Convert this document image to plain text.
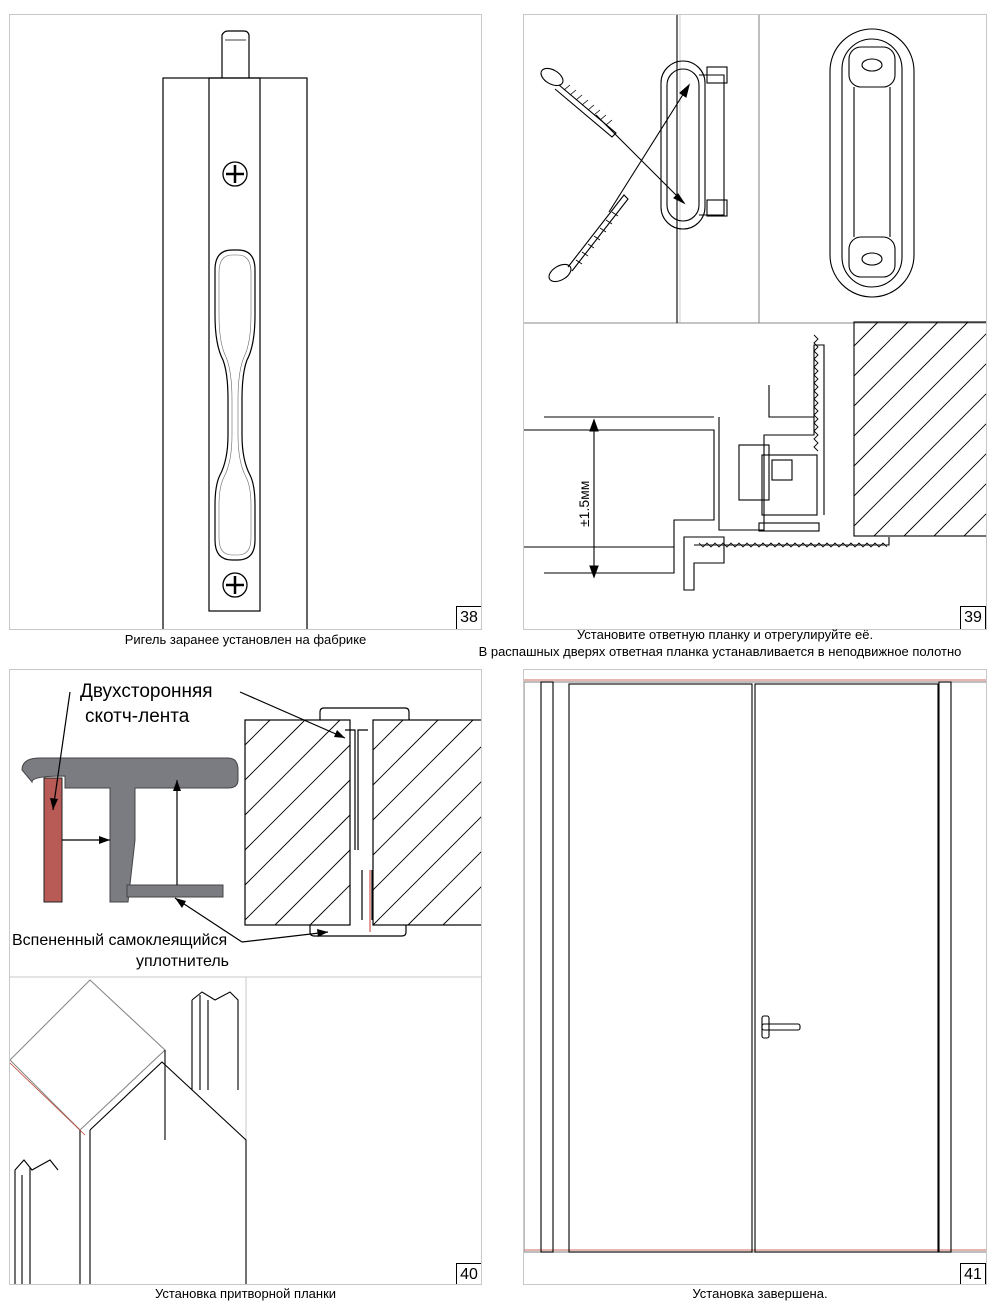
38
Ригель заранее установлен на фабрике
±1.5мм
39
Установите ответную планку и отрегулируйте её.
В распашных дверях ответная планка устанавливается в неподвижное полотно
Двухсторонняя
скотч-лента
Вспененный самоклеящийся
уплотнитель
40
Установка притворной планки
41
Установка завершена.
